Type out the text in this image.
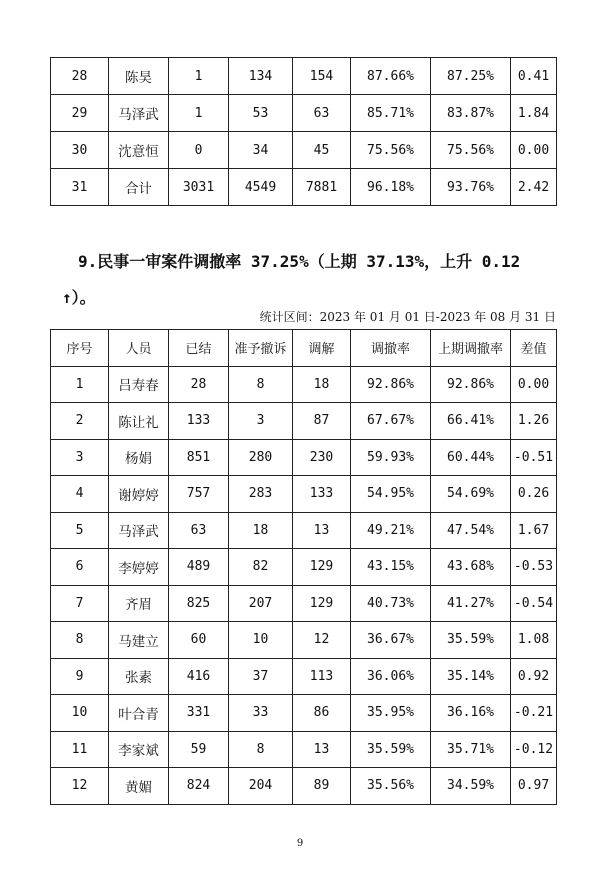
28	陈昊	1	134	154	87.66%	87.25%	0.41
29	马泽武	1	53	63	85.71%	83.87%	1.84
30	沈意恒	0	34	45	75.56%	75.56%	0.00
31	合计	3031	4549	7881	96.18%	93.76%	2.42
9.民事一审案件调撤率 37.25%（上期 37.13%，上升 0.12
↑）。
统计区间：2023 年 01 月 01 日-2023 年 08 月 31 日
序号	人员	已结	准予撤诉	调解	调撤率	上期调撤率	差值
1	吕寿春	28	8	18	92.86%	92.86%	0.00
2	陈让礼	133	3	87	67.67%	66.41%	1.26
3	杨娟	851	280	230	59.93%	60.44%	-0.51
4	谢婷婷	757	283	133	54.95%	54.69%	0.26
5	马泽武	63	18	13	49.21%	47.54%	1.67
6	李婷婷	489	82	129	43.15%	43.68%	-0.53
7	齐眉	825	207	129	40.73%	41.27%	-0.54
8	马建立	60	10	12	36.67%	35.59%	1.08
9	张素	416	37	113	36.06%	35.14%	0.92
10	叶合青	331	33	86	35.95%	36.16%	-0.21
11	李家斌	59	8	13	35.59%	35.71%	-0.12
12	黄媚	824	204	89	35.56%	34.59%	0.97
9
